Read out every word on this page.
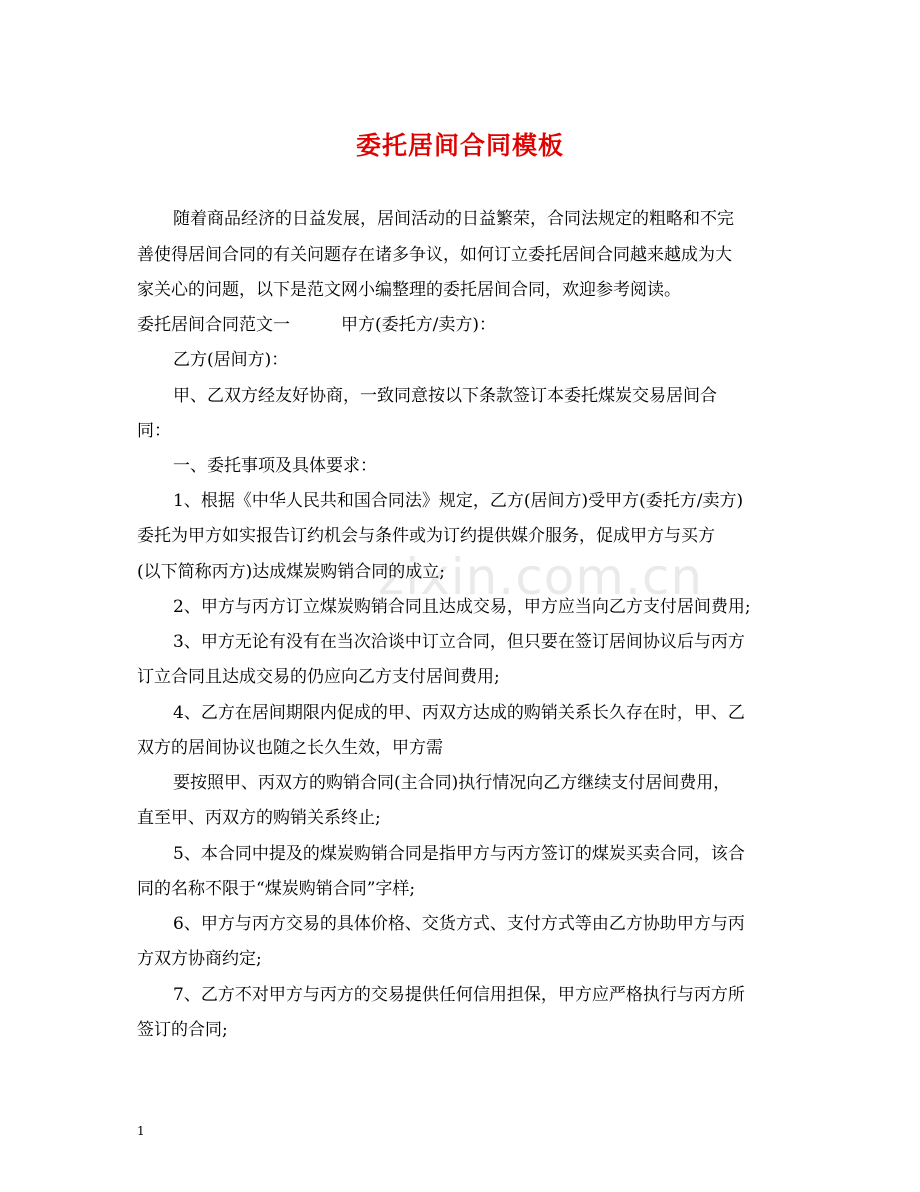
委托居间合同模板
zixin.com.cn
随着商品经济的日益发展，居间活动的日益繁荣，合同法规定的粗略和不完
善使得居间合同的有关问题存在诸多争议，如何订立委托居间合同越来越成为大
家关心的问题，以下是范文网小编整理的委托居间合同，欢迎参考阅读。
委托居间合同范文一　　　甲方(委托方/卖方)：
乙方(居间方)：
甲、乙双方经友好协商，一致同意按以下条款签订本委托煤炭交易居间合
同：
一、委托事项及具体要求：
1、根据《中华人民共和国合同法》规定，乙方(居间方)受甲方(委托方/卖方)
委托为甲方如实报告订约机会与条件或为订约提供媒介服务，促成甲方与买方
(以下简称丙方)达成煤炭购销合同的成立;
2、甲方与丙方订立煤炭购销合同且达成交易，甲方应当向乙方支付居间费用;
3、甲方无论有没有在当次洽谈中订立合同，但只要在签订居间协议后与丙方
订立合同且达成交易的仍应向乙方支付居间费用;
4、乙方在居间期限内促成的甲、丙双方达成的购销关系长久存在时，甲、乙
双方的居间协议也随之长久生效，甲方需
要按照甲、丙双方的购销合同(主合同)执行情况向乙方继续支付居间费用，
直至甲、丙双方的购销关系终止;
5、本合同中提及的煤炭购销合同是指甲方与丙方签订的煤炭买卖合同，该合
同的名称不限于“煤炭购销合同”字样;
6、甲方与丙方交易的具体价格、交货方式、支付方式等由乙方协助甲方与丙
方双方协商约定;
7、乙方不对甲方与丙方的交易提供任何信用担保，甲方应严格执行与丙方所
签订的合同;
1
